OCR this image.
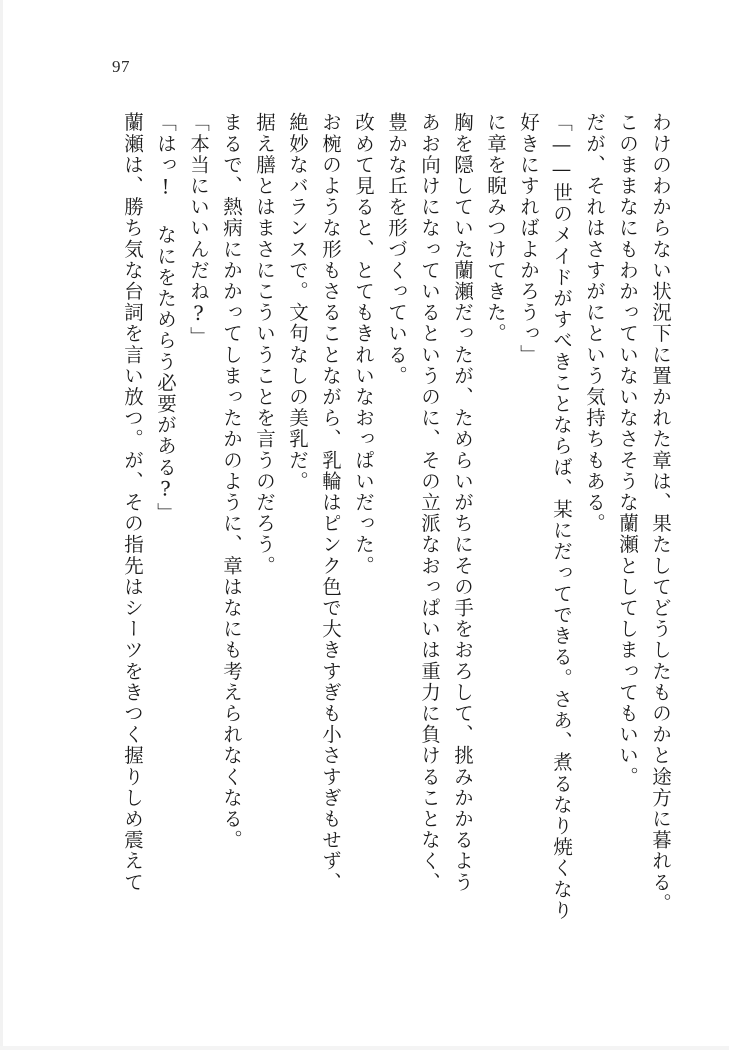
97
わけのわからない状況下に置かれた章は、果たしてどうしたものかと途方に暮れる。
このままなにもわかっていないなさそうな蘭瀬としてしまってもいい。
だが、それはさすがにという気持ちもある。
「——世のメイドがすべきことならば、某にだってできる。さあ、煮るなり焼くなり
好きにすればよかろうっ」
に章を睨みつけてきた。
胸を隠していた蘭瀬だったが、ためらいがちにその手をおろして、挑みかかるよう
あお向けになっているというのに、その立派なおっぱいは重力に負けることなく、
豊かな丘を形づくっている。
改めて見ると、とてもきれいなおっぱいだった。
お椀のような形もさることながら、乳輪はピンク色で大きすぎも小さすぎもせず、
絶妙なバランスで。文句なしの美乳だ。
据え膳とはまさにこういうことを言うのだろう。
まるで、熱病にかかってしまったかのように、章はなにも考えられなくなる。
「本当にいいんだね?」
「はっ! なにをためらう必要がある?」
蘭瀬は、勝ち気な台詞を言い放つ。が、その指先はシーツをきつく握りしめ震えて
